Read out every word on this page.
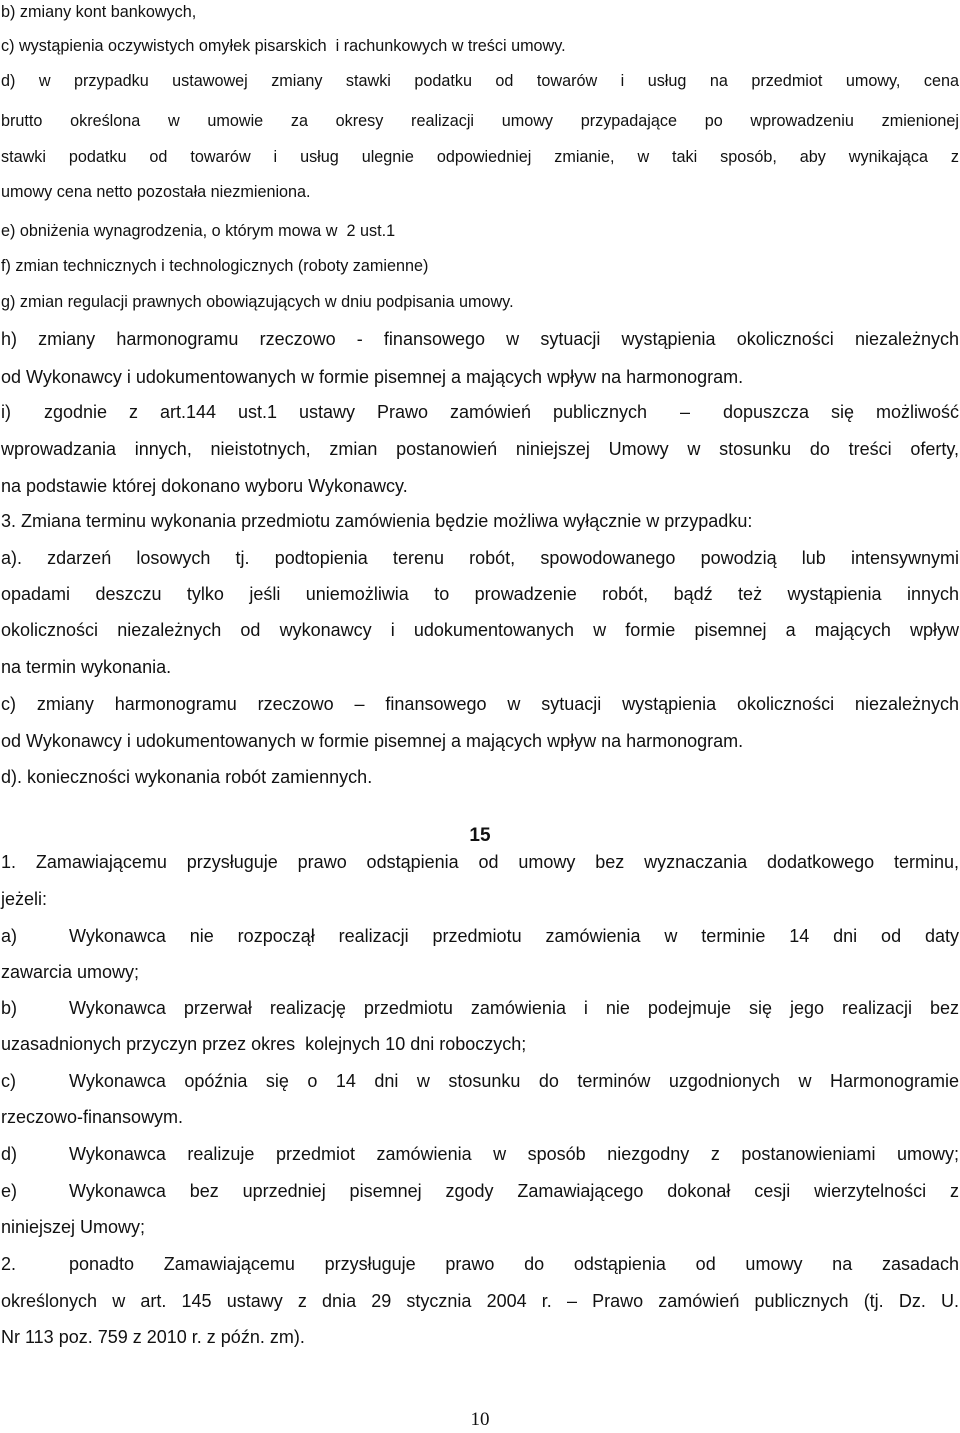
b) zmiany kont bankowych,
c) wystąpienia oczywistych omyłek pisarskich  i rachunkowych w treści umowy.
d) w przypadku ustawowej zmiany stawki podatku od towarów i usług na przedmiot umowy, cena
brutto określona w umowie za okresy realizacji umowy przypadające po wprowadzeniu zmienionej
stawki podatku od towarów i usług ulegnie odpowiedniej zmianie, w taki sposób, aby wynikająca z
umowy cena netto pozostała niezmieniona.
e) obniżenia wynagrodzenia, o którym mowa w  2 ust.1
f) zmian technicznych i technologicznych (roboty zamienne)
g) zmian regulacji prawnych obowiązujących w dniu podpisania umowy.
h) zmiany harmonogramu rzeczowo - finansowego w sytuacji wystąpienia okoliczności niezależnych
od Wykonawcy i udokumentowanych w formie pisemnej a mających wpływ na harmonogram.
i)   zgodnie  z  art.144  ust.1  ustawy  Prawo  zamówień  publicznych   –   dopuszcza  się  możliwość
wprowadzania innych, nieistotnych, zmian postanowień niniejszej Umowy w stosunku do treści oferty,
na podstawie której dokonano wyboru Wykonawcy.
3. Zmiana terminu wykonania przedmiotu zamówienia będzie możliwa wyłącznie w przypadku:
a). zdarzeń losowych tj. podtopienia terenu robót, spowodowanego powodzią lub intensywnymi
opadami deszczu tylko jeśli uniemożliwia to prowadzenie robót, bądź też wystąpienia innych
okoliczności niezależnych od wykonawcy i udokumentowanych w formie pisemnej a mających wpływ
na termin wykonania.
c) zmiany harmonogramu rzeczowo – finansowego w sytuacji wystąpienia okoliczności niezależnych
od Wykonawcy i udokumentowanych w formie pisemnej a mających wpływ na harmonogram.
d). konieczności wykonania robót zamiennych.
15
1. Zamawiającemu przysługuje prawo odstąpienia od umowy bez wyznaczania dodatkowego terminu,
jeżeli:
a)	Wykonawca nie rozpoczął realizacji przedmiotu zamówienia w terminie 14 dni od daty
zawarcia umowy;
b)	Wykonawca przerwał realizację przedmiotu zamówienia i nie podejmuje się jego realizacji bez
uzasadnionych przyczyn przez okres  kolejnych 10 dni roboczych;
c)	Wykonawca opóźnia się o 14 dni w stosunku do terminów uzgodnionych w Harmonogramie
rzeczowo-finansowym.
d)	Wykonawca realizuje przedmiot zamówienia w sposób niezgodny z postanowieniami umowy;
e)	Wykonawca bez uprzedniej pisemnej zgody Zamawiającego dokonał cesji wierzytelności z
niniejszej Umowy;
2.	ponadto Zamawiającemu przysługuje prawo do odstąpienia od umowy na zasadach
określonych w art. 145 ustawy z dnia 29 stycznia 2004 r. – Prawo zamówień publicznych (tj. Dz. U.
Nr 113 poz. 759 z 2010 r. z późn. zm).
10
